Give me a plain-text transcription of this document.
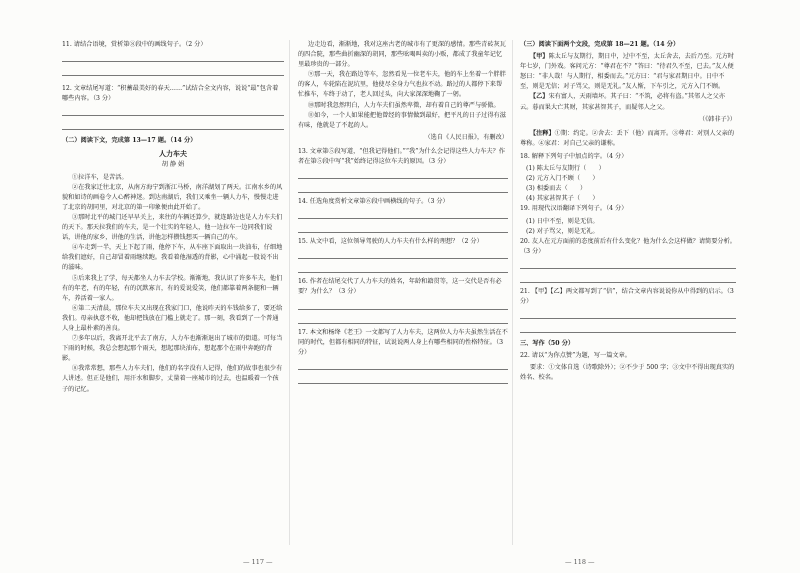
11. 请结合语境，赏析第⑧段中的画线句子。（2 分）
12. 文章结尾写道：“积蓄最美好的春天……”试结合全文内容，说说“最”包含着哪些内容。（3 分）
（二）阅读下文，完成第 13—17 题。（14 分）
人力车夫
胡 静 娟

①拉洋车，是苦活。

②在我家迁往北京，从南方海宁到浙江马桥，南洋湖划了两天。江南水乡的风貌和如诗的画卷令人心醉神迷。到达南湖后，我们又乘坐一辆人力车，慢慢走进了北京的胡同里，对北京的第一印象便由此开始了。

③那时北平的城门还早早关上，来往的车辆还算少，就连路边也是人力车夫们的天下。那天拉我们的车夫，是一个壮实的年轻人，他一边拉车一边同我们说话，讲他的家乡，讲他的生活，讲他怎样攒钱想买一辆自己的车。

④车走到一半，天上下起了雨，他停下车，从车座下面取出一块油布，仔细地给我们遮好，自己却冒着雨继续跑。我看着他湿透的背影，心中涌起一股说不出的滋味。

⑤后来我上了学，每天都坐人力车去学校。渐渐地，我认识了许多车夫，他们有的年老，有的年轻，有的沉默寡言，有的爱说爱笑，他们都靠着两条腿和一辆车，养活着一家人。

⑥第二天清晨，那位车夫又出现在我家门口，他说昨天的车钱给多了，要还给我们。母亲执意不收，他却把钱放在门槛上就走了。那一刻，我看到了一个普通人身上最朴素的善良。

⑦多年以后，我离开北平去了南方，人力车也渐渐退出了城市的街道。可每当下雨的时候，我总会想起那个雨天，想起那块油布，想起那个在雨中奔跑的背影。

⑧我常常想，那些人力车夫们，他们的名字没有人记得，他们的故事也很少有人讲述。但正是他们，用汗水和脚步，丈量着一座城市的过去，也温暖着一个孩子的记忆。

边走边看，渐渐地，我对这座古老的城市有了更深的感情。那些青砖灰瓦的四合院，那些曲折幽深的胡同，那些吆喝叫卖的小贩，都成了我童年记忆里最珍贵的一部分。

⑨那一天，我在路边等车，忽然看见一位老车夫，他的车上坐着一个胖胖的客人，车轮陷在泥坑里，他使尽全身力气也拉不动。路过的人都停下来帮忙推车，车终于动了，老人回过头，向大家深深地鞠了一躬。

⑩那时我忽然明白，人力车夫们虽然卑微，却有着自己的尊严与骄傲。

⑪如今，一个人如果能把他曾经的事情做到最好，把平凡的日子过得有滋有味，他就是了不起的人。

（选自《人民日报》，有删改）
13. 文章第⑤段写道，“但我记得他们。”“我”为什么会记得这些人力车夫？作者在第⑤段中写“我”始终记得这位车夫的原因。（3 分）
14. 任选角度赏析文章第⑥段中画横线的句子。（3 分）
15. 从文中看，这位领导驾驶的人力车夫有什么样的理想？（2 分）
16. 作者在结尾交代了人力车夫的姓名，年龄和籍贯等，这一交代是否有必要？为什么？（3 分）
17. 本文和杨绛《老王》一文都写了人力车夫，这两位人力车夫虽然生活在不同的时代，但都有相同的特征，试说说两人身上有哪些相同的性格特征。（3 分）
（三）阅读下面两个文段，完成第 18—21 题。（14 分）

【甲】陈太丘与友期行，期日中，过中不至，太丘舍去，去后乃至。元方时年七岁，门外戏。客问元方：“尊君在不？”答曰：“待君久不至，已去。”友人便怒曰：“非人哉！与人期行，相委而去。”元方曰：“君与家君期日中。日中不至，则是无信；对子骂父，则是无礼。”友人惭，下车引之，元方入门不顾。

【乙】宋有富人，天雨墙坏。其子曰：“不筑，必将有盗。”其邻人之父亦云。暮而果大亡其财，其家甚智其子，而疑邻人之父。

（《韩非子》）

【注释】①期：约定。②舍去：丢下（他）而离开。③尊君：对别人父亲的尊称。④家君：对自己父亲的谦称。

18. 解释下列句子中加点的字。（4 分）

(1) 陈太丘与友期行（　　）

(2) 元方入门不顾（　　）

(3) 相委而去（　　）

(4) 其家甚智其子（　　）

19. 用现代汉语翻译下列句子。（4 分）

(1) 日中不至，则是无信。

(2) 对子骂父，则是无礼。

20. 友人在元方面前的态度前后有什么变化？他为什么会这样做？请简要分析。（3 分）
21. 【甲】【乙】两文都写到了“信”，结合文章内容说说你从中得到的启示。（3 分）
三、写作（50 分）
22. 请以“为你点赞”为题，写一篇文章。

要求：①文体自选（诗歌除外）；②不少于 500 字；③文中不得出现真实的姓名、校名。

— 117 —	— 118 —
